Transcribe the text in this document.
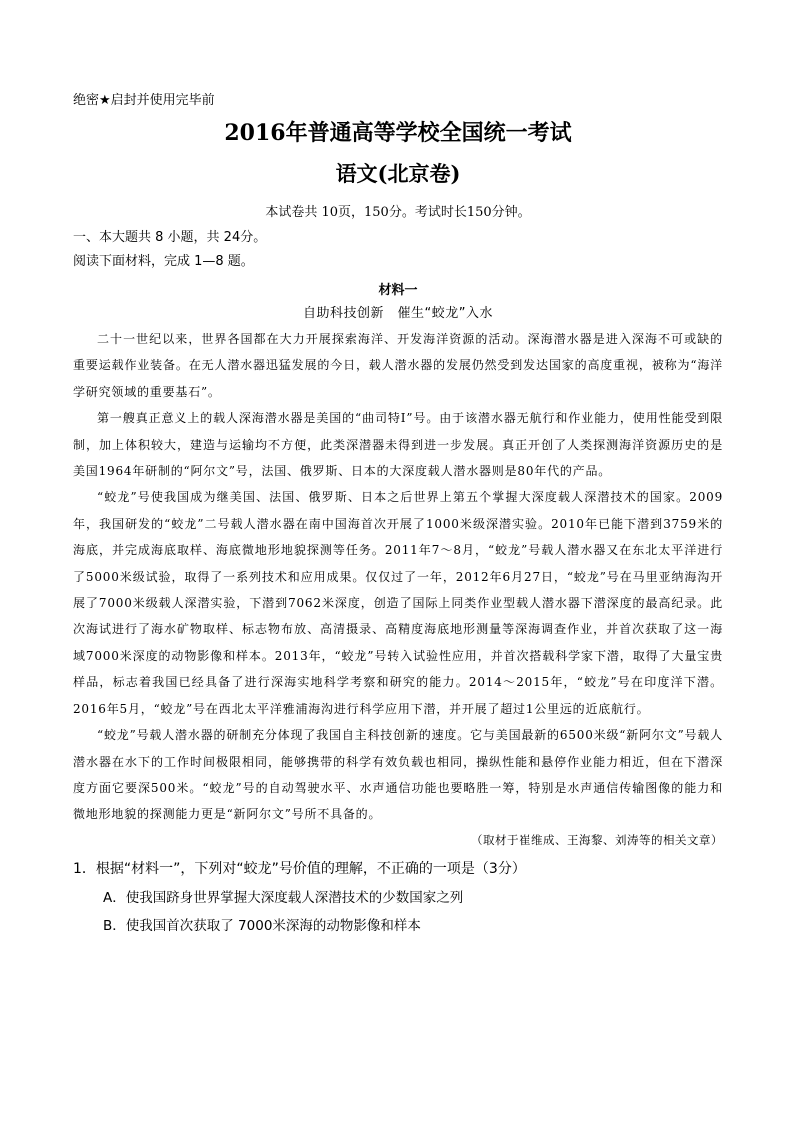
绝密★启封并使用完毕前
2016年普通高等学校全国统一考试
语文(北京卷)
本试卷共 10页，150分。考试时长150分钟。
一、本大题共 8 小题，共 24分。
阅读下面材料，完成 1—8 题。
材料一
自助科技创新　催生“蛟龙”入水

二十一世纪以来，世界各国都在大力开展探索海洋、开发海洋资源的活动。深海潜水器是进入深海不可或缺的重要运载作业装备。在无人潜水器迅猛发展的今日，载人潜水器的发展仍然受到发达国家的高度重视，被称为“海洋学研究领域的重要基石”。

第一艘真正意义上的载人深海潜水器是美国的“曲司特Ⅰ”号。由于该潜水器无航行和作业能力，使用性能受到限制，加上体积较大，建造与运输均不方便，此类深潜器未得到进一步发展。真正开创了人类探测海洋资源历史的是美国1964年研制的“阿尔文”号，法国、俄罗斯、日本的大深度载人潜水器则是80年代的产品。

“蛟龙”号使我国成为继美国、法国、俄罗斯、日本之后世界上第五个掌握大深度载人深潜技术的国家。2009年，我国研发的“蛟龙”二号载人潜水器在南中国海首次开展了1000米级深潜实验。2010年已能下潜到3759米的海底，并完成海底取样、海底微地形地貌探测等任务。2011年7～8月，“蛟龙”号载人潜水器又在东北太平洋进行了5000米级试验，取得了一系列技术和应用成果。仅仅过了一年，2012年6月27日，“蛟龙”号在马里亚纳海沟开展了7000米级载人深潜实验，下潜到7062米深度，创造了国际上同类作业型载人潜水器下潜深度的最高纪录。此次海试进行了海水矿物取样、标志物布放、高清摄录、高精度海底地形测量等深海调查作业，并首次获取了这一海域7000米深度的动物影像和样本。2013年，“蛟龙”号转入试验性应用，并首次搭载科学家下潜，取得了大量宝贵样品，标志着我国已经具备了进行深海实地科学考察和研究的能力。2014～2015年，“蛟龙”号在印度洋下潜。2016年5月，“蛟龙”号在西北太平洋雅浦海沟进行科学应用下潜，并开展了超过1公里远的近底航行。

“蛟龙”号载人潜水器的研制充分体现了我国自主科技创新的速度。它与美国最新的6500米级“新阿尔文”号载人潜水器在水下的工作时间极限相同，能够携带的科学有效负载也相同，操纵性能和悬停作业能力相近，但在下潜深度方面它要深500米。“蛟龙”号的自动驾驶水平、水声通信功能也要略胜一筹，特别是水声通信传输图像的能力和微地形地貌的探测能力更是“新阿尔文”号所不具备的。

（取材于崔维成、王海黎、刘涛等的相关文章）
1．根据“材料一”，下列对“蛟龙”号价值的理解，不正确的一项是（3分）
A．使我国跻身世界掌握大深度载人深潜技术的少数国家之列
B．使我国首次获取了 7000米深海的动物影像和样本
